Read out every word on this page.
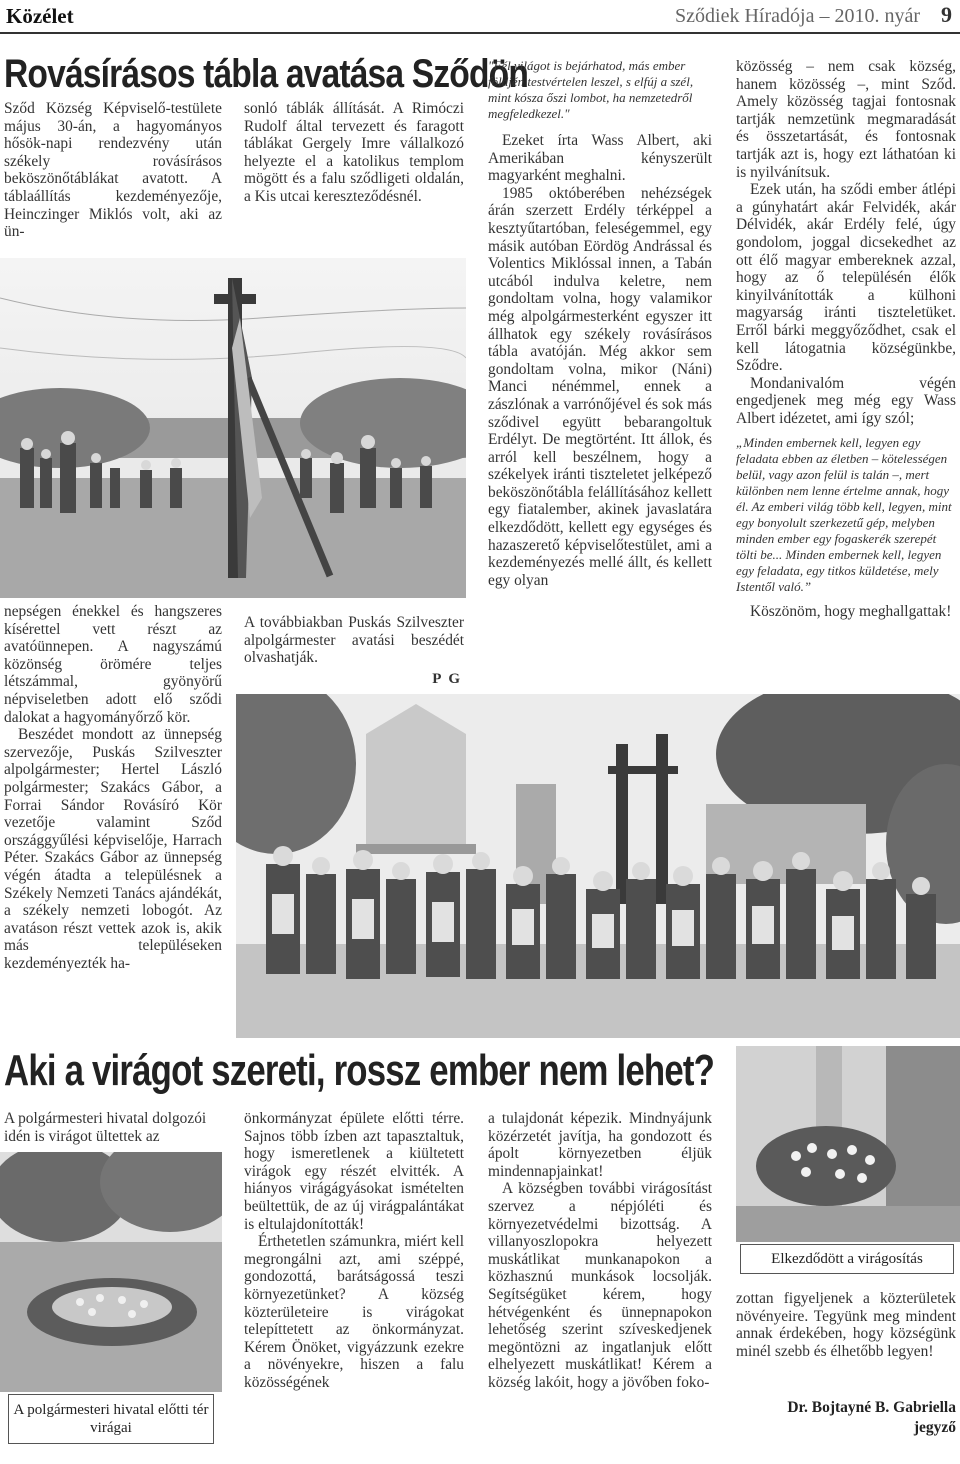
Közélet	Sződiek Híradója – 2010. nyár 9
Rovásírásos tábla avatása Sződön

Sződ Község Képviselő-testülete május 30-án, a hagyományos hősök-napi rendezvény után székely rovásírásos beköszönőtáblákat avatott. A táblaállítás kezdeményezője, Heinczinger Miklós volt, aki az ün-

sonló táblák állítását. A Rimóczi Rudolf által tervezett és faragott táblákat Gergely Imre vállalkozó helyezte el a katolikus templom mögött és a falu sződligeti oldalán, a Kis utcai kereszteződésnél.

nepségen énekkel és hangszeres kísérettel vett részt az avatóünnepen. A nagyszámú közönség örömére teljes létszámmal, gyönyörű népviseletben adott elő sződi dalokat a hagyományőrző kör.

Beszédet mondott az ünnepség szervezője, Puskás Szilveszter alpolgármester; Hertel László polgármester; Szakács Gábor, a Forrai Sándor Rovásíró Kör vezetője valamint Sződ országgyűlési képviselője, Harrach Péter. Szakács Gábor az ünnepség végén átadta a településnek a Székely Nemzeti Tanács ajándékát, a székely nemzeti lobogót. Az avatáson részt vettek azok is, akik más településeken kezdeményezték ha-

A továbbiakban Puskás Szilveszter alpolgármester avatási beszédét olvashatják.

P G

"Fél világot is bejárhatod, más ember földjén testvértelen leszel, s elfúj a szél, mint kósza őszi lombot, ha nemzetedről megfeledkezel."

Ezeket írta Wass Albert, aki Amerikában kényszerült magyarként meghalni.

1985 októberében nehézségek árán szerzett Erdély térképpel a kesztyűtartóban, feleségemmel, egy másik autóban Eördög Andrással és Volentics Miklóssal innen, a Tabán utcából indulva keletre, nem gondoltam volna, hogy valamikor még alpolgármesterként egyszer itt állhatok egy székely rovásírásos tábla avatóján. Még akkor sem gondoltam volna, mikor (Náni) Manci nénémmel, ennek a zászlónak a varrónőjével és sok más sződivel együtt bebarangoltuk Erdélyt. De megtörtént. Itt állok, és arról kell beszélnem, hogy a székelyek iránti tiszteletet jelképező beköszönőtábla felállításához kellett egy fiatalember, akinek javaslatára elkezdődött, kellett egy egységes és hazaszerető képviselőtestület, ami a kezdeményezés mellé állt, és kellett egy olyan

közösség – nem csak község, hanem közösség –, mint Sződ. Amely közösség tagjai fontosnak tartják nemzetünk megmaradását és összetartását, és fontosnak tartják azt is, hogy ezt láthatóan ki is nyilvánítsuk.

Ezek után, ha sződi ember átlépi a gúnyhatárt akár Felvidék, akár Délvidék, akár Erdély felé, úgy gondolom, joggal dicsekedhet az ott élő magyar embereknek azzal, hogy az ő településén élők kinyilvánították a külhoni magyarság iránti tiszteletüket. Erről bárki meggyőződhet, csak el kell látogatnia községünkbe, Sződre.

Mondanivalóm végén engedjenek meg még egy Wass Albert idézetet, ami így szól;

„Minden embernek kell, legyen egy feladata ebben az életben – kötelességen belül, vagy azon felül is talán –, mert különben nem lenne értelme annak, hogy él. Az emberi világ több kell, legyen, mint egy bonyolult szerkezetű gép, melyben minden ember egy fogaskerék szerepét tölti be... Minden embernek kell, legyen egy feladata, egy titkos küldetése, mely Istentől való.”

Köszönöm, hogy meghallgattak!

Aki a virágot szereti, rossz ember nem lehet?

A polgármesteri hivatal dolgozói idén is virágot ültettek az

A polgármesteri hivatal előtti tér virágai

önkormányzat épülete előtti térre. Sajnos több ízben azt tapasztaltuk, hogy ismeretlenek a kiültetett virágok egy részét elvitték. A hiányos virágágyásokat ismételten beültettük, de az új virágpalántákat is eltulajdonították!

Érthetetlen számunkra, miért kell megrongálni azt, ami széppé, gondozottá, barátságossá teszi környezetünket? A község közterületeire is virágokat telepíttetett az önkormányzat. Kérem Önöket, vigyázzunk ezekre a növényekre, hiszen a falu közösségének

a tulajdonát képezik. Mindnyájunk közérzetét javítja, ha gondozott és ápolt környezetben éljük mindennapjainkat!

A községben további virágosítást szervez a népjóléti és környezetvédelmi bizottság. A villanyoszlopokra helyezett muskátlikat munkanapokon a közhasznú munkások locsolják. Segítségüket kérem, hogy hétvégenként és ünnepnapokon lehetőség szerint szíveskedjenek megöntözni az ingatlanjuk előtt elhelyezett muskátlikat! Kérem a község lakóit, hogy a jövőben foko-

Elkezdődött a virágosítás

zottan figyeljenek a közterületek növényeire. Tegyünk meg mindent annak érdekében, hogy községünk minél szebb és élhetőbb legyen!

Dr. Bojtayné B. Gabriella
jegyző
